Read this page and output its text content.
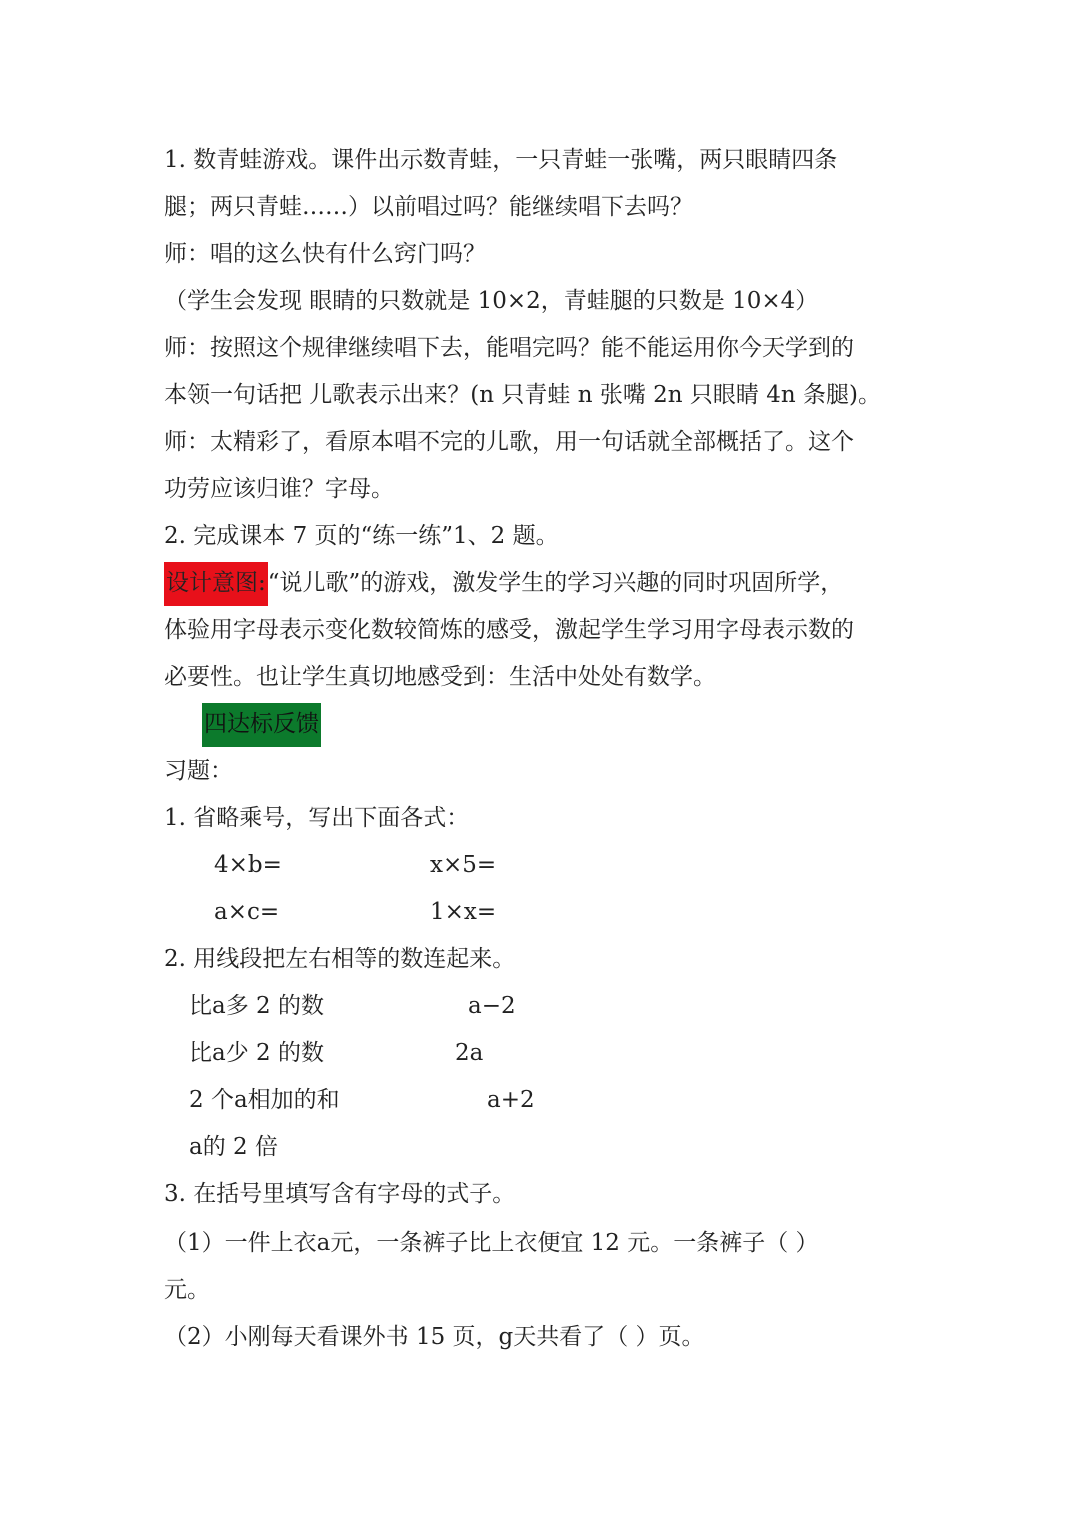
1. 数青蛙游戏。课件出示数青蛙，一只青蛙一张嘴，两只眼睛四条
腿；两只青蛙……）以前唱过吗？能继续唱下去吗？
师：唱的这么快有什么窍门吗？
（学生会发现 眼睛的只数就是 10×2，青蛙腿的只数是 10×4）
师：按照这个规律继续唱下去，能唱完吗？能不能运用你今天学到的
本领一句话把 儿歌表示出来？(n 只青蛙 n 张嘴 2n 只眼睛 4n 条腿)。
师：太精彩了，看原本唱不完的儿歌，用一句话就全部概括了。这个
功劳应该归谁？字母。
2. 完成课本 7 页的“练一练”1、2 题。
设计意图:“说儿歌”的游戏，激发学生的学习兴趣的同时巩固所学，
体验用字母表示变化数较简炼的感受，激起学生学习用字母表示数的
必要性。也让学生真切地感受到：生活中处处有数学。
四达标反馈
习题：
1. 省略乘号，写出下面各式：
4×b=	x×5=
a×c=	1×x=
2. 用线段把左右相等的数连起来。
比a多 2 的数	a−2
比a少 2 的数	2a
2 个a相加的和	a+2
a的 2 倍
3. 在括号里填写含有字母的式子。
（1）一件上衣a元，一条裤子比上衣便宜 12 元。一条裤子（ ）
元。
（2）小刚每天看课外书 15 页，g天共看了（ ）页。
